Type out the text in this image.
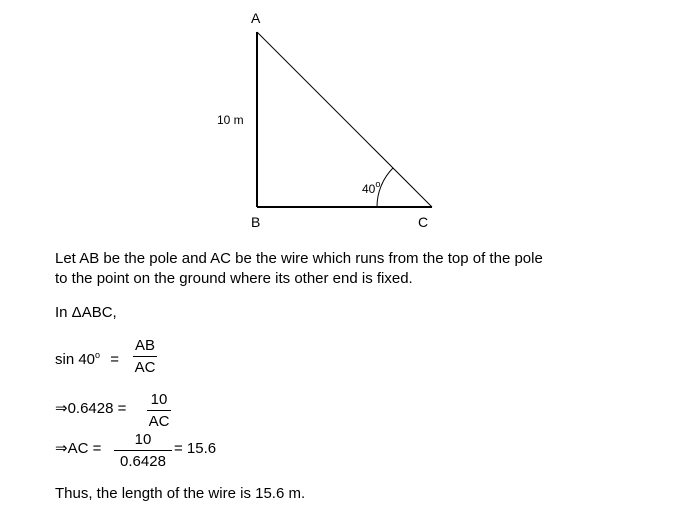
A
B	C
10 m
40$^o$
Let AB be the pole and AC be the wire which runs from the top of the pole
to the point on the ground where its other end is fixed.
In ΔABC,
$\sin 40^o$ =
AB
AC
⇒0.6428 =
10
AC
⇒AC =
10
0.6428
= 15.6
Thus, the length of the wire is 15.6 m.
